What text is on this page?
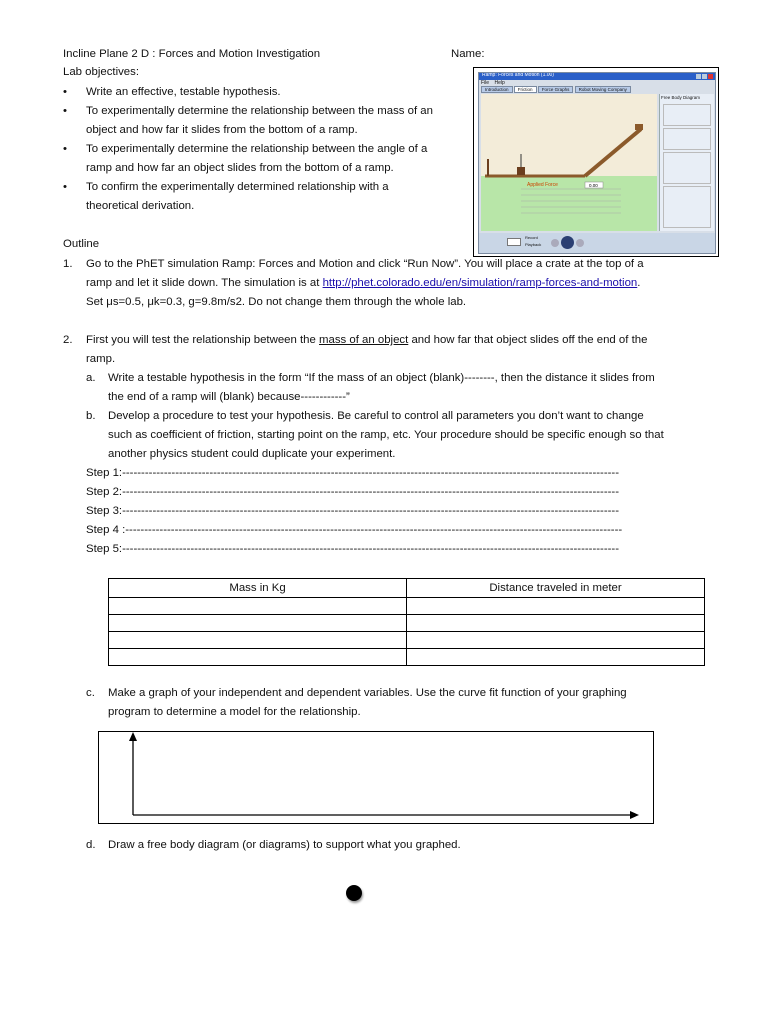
Incline Plane 2 D : Forces and Motion Investigation	Name:
Lab objectives:
• Write an effective, testable hypothesis.
• To experimentally determine the relationship between the mass of an
object and how far it slides from the bottom of a ramp.
• To experimentally determine the relationship between the angle of a
ramp and how far an object slides from the bottom of a ramp.
• To confirm the experimentally determined relationship with a
theoretical derivation.
Ramp: Forces and Motion (1.00)
File Help
Introduction Friction Force Graphs Robot Moving Company
Applied Force	0.00
Free Body Diagram
Record
Playback
Outline
1. Go to the PhET simulation Ramp: Forces and Motion and click “Run Now”. You will place a crate at the top of a
ramp and let it slide down. The simulation is at http://phet.colorado.edu/en/simulation/ramp-forces-and-motion.
Set μs=0.5, μk=0.3, g=9.8m/s2. Do not change them through the whole lab.
2. First you will test the relationship between the mass of an object and how far that object slides off the end of the
ramp.
a. Write a testable hypothesis in the form “If the mass of an object (blank)--------, then the distance it slides from
the end of a ramp will (blank) because------------”
b. Develop a procedure to test your hypothesis. Be careful to control all parameters you don’t want to change
such as coefficient of friction, starting point on the ramp, etc. Your procedure should be specific enough so that
another physics student could duplicate your experiment.
Step 1:-----------------------------------------------------------------------------------------------------------------------------------
Step 2:-----------------------------------------------------------------------------------------------------------------------------------
Step 3:-----------------------------------------------------------------------------------------------------------------------------------
Step 4 :-----------------------------------------------------------------------------------------------------------------------------------
Step 5:-----------------------------------------------------------------------------------------------------------------------------------
Mass in Kg	Distance traveled in meter

c. Make a graph of your independent and dependent variables. Use the curve fit function of your graphing
program to determine a model for the relationship.
d. Draw a free body diagram (or diagrams) to support what you graphed.
